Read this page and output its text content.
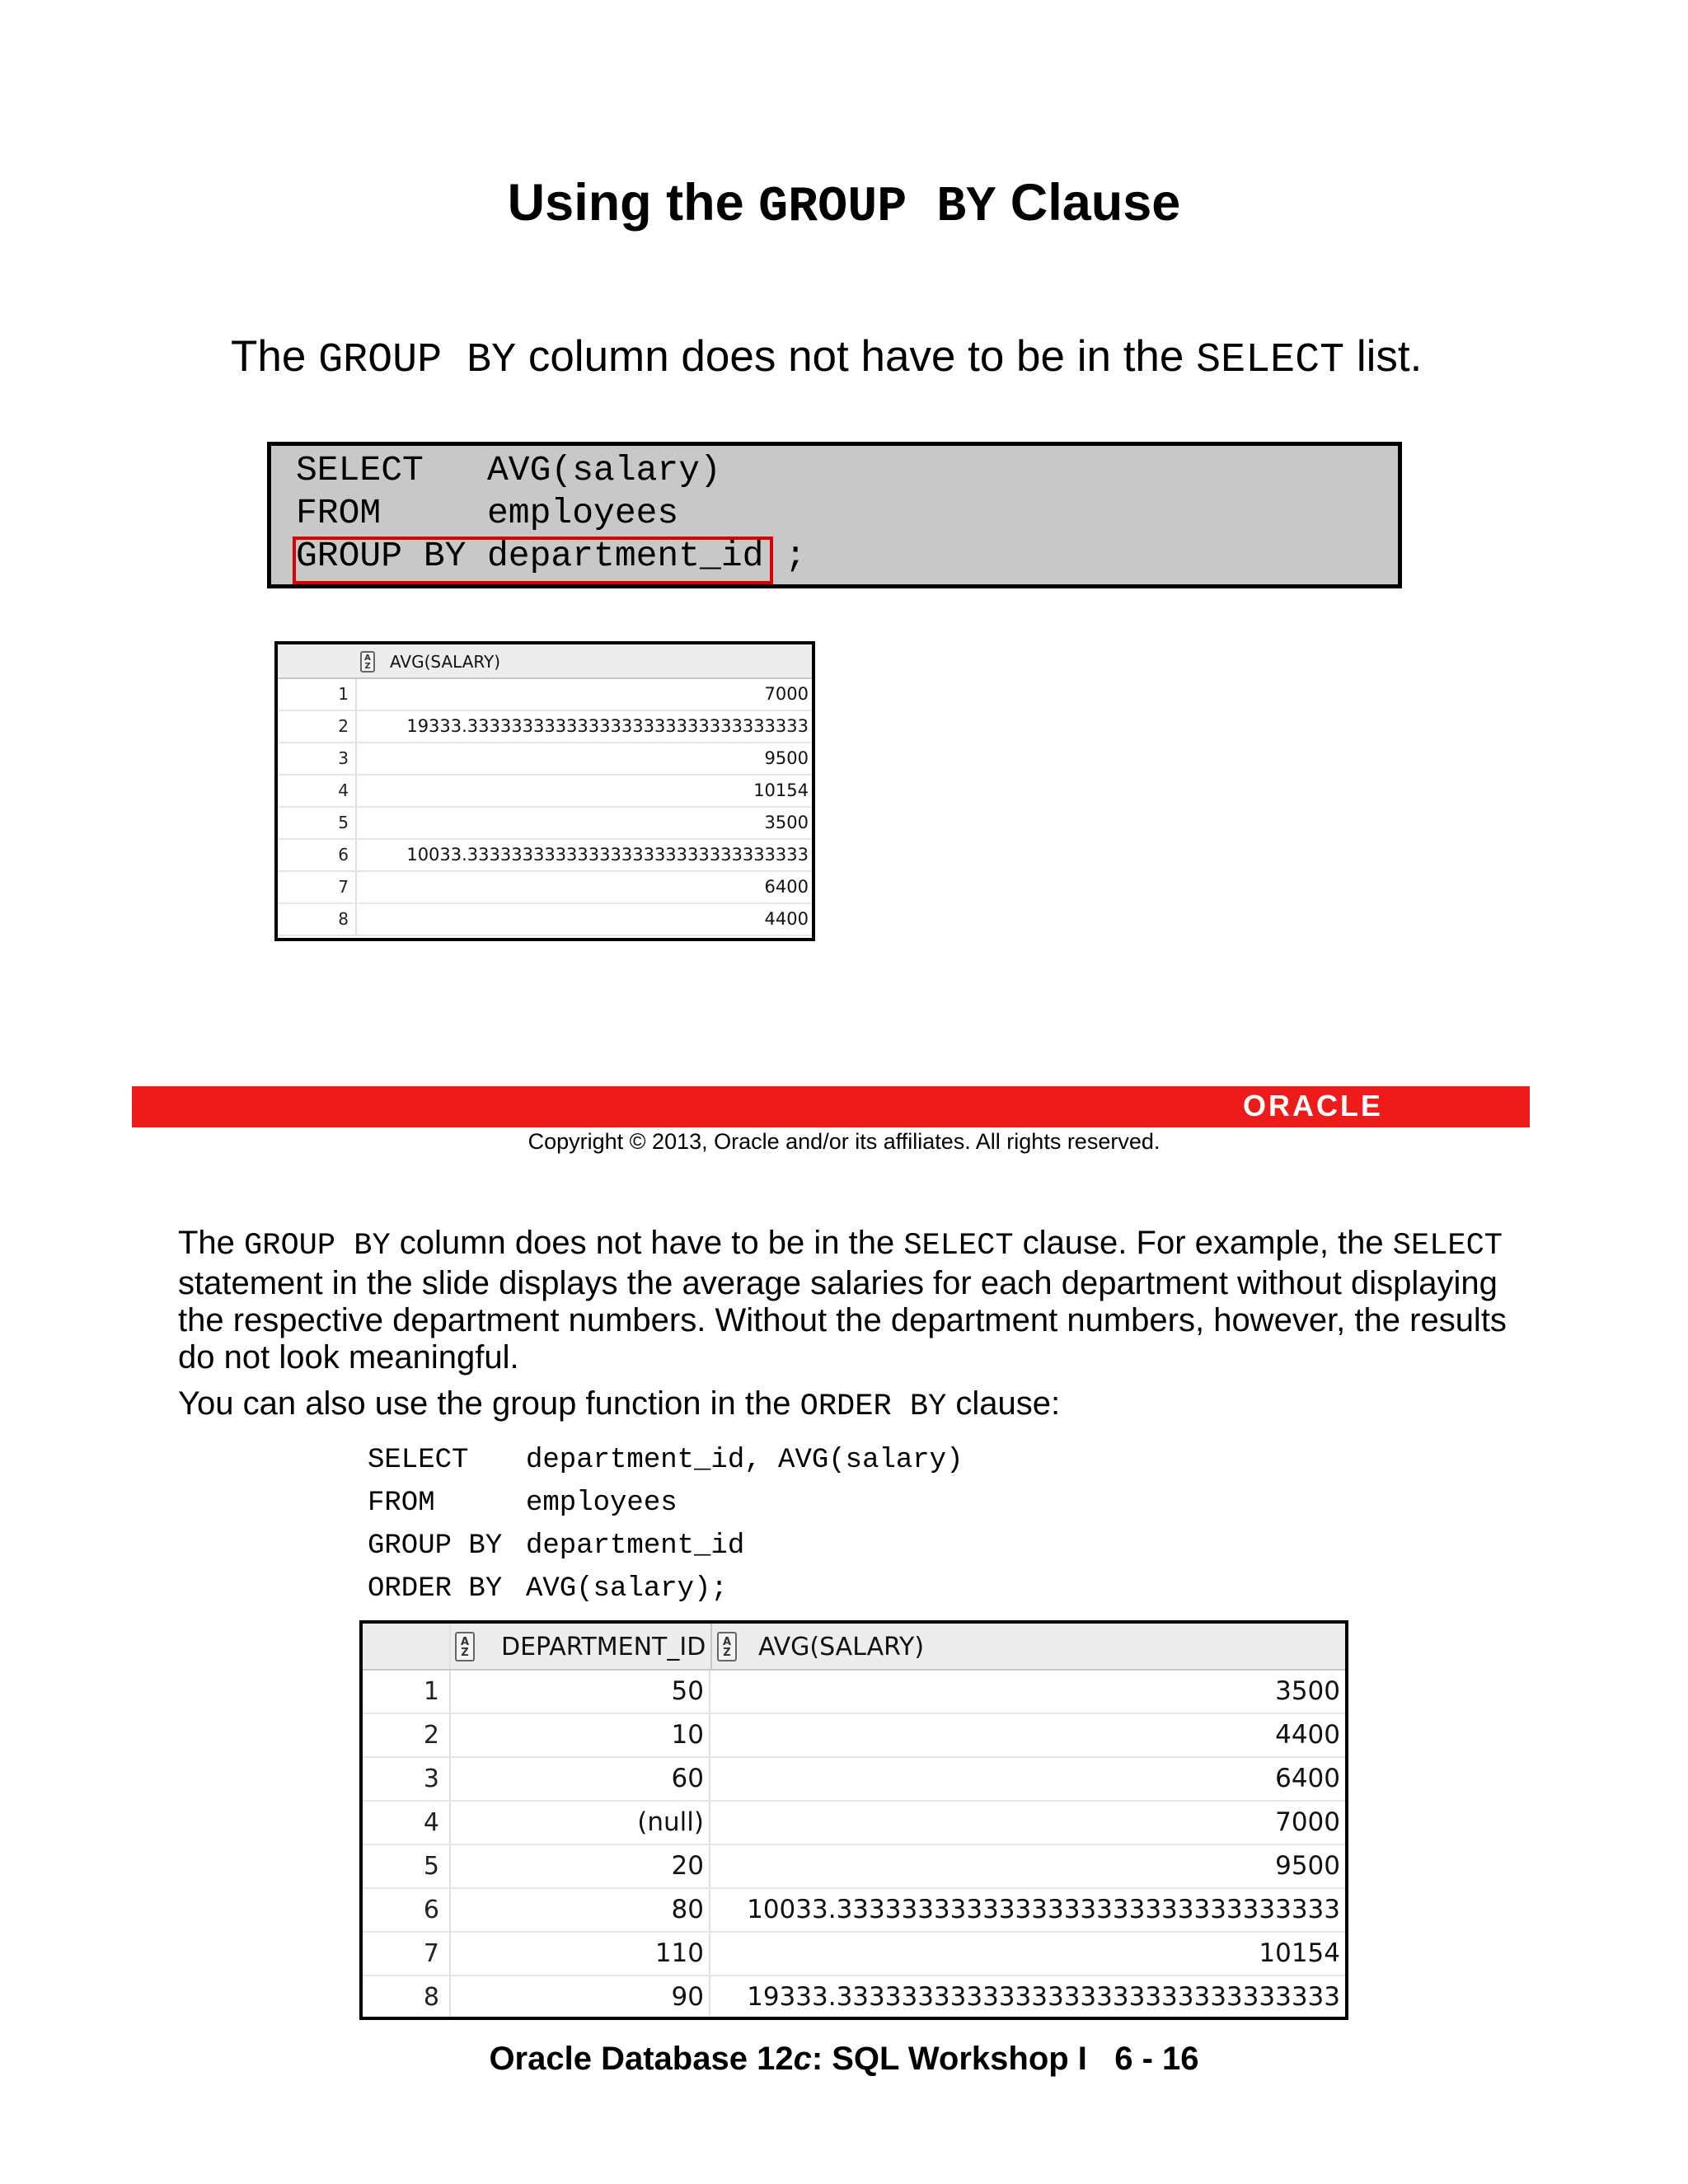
Using the GROUP BY Clause
The GROUP BY column does not have to be in the SELECT list.
SELECT AVG(salary)
FROM	employees
GROUP BY department_id ;
A
Z AVG(SALARY)
1	7000
2	19333.3333333333333333333333333333333
3	9500
4	10154
5	3500
6	10033.3333333333333333333333333333333
7	6400
8	4400
ORACLE
Copyright © 2013, Oracle and/or its affiliates. All rights reserved.
The GROUP BY column does not have to be in the SELECT clause. For example, the SELECT statement in the slide displays the average salaries for each department without displaying the respective department numbers. Without the department numbers, however, the results do not look meaningful.
You can also use the group function in the ORDER BY clause:
SELECT department_id, AVG(salary)
FROM	employees
GROUP BY department_id
ORDER BY AVG(salary);
A
Z DEPARTMENT_ID	A
Z AVG(SALARY)
1	50	3500
2	10	4400
3	60	6400
4	(null)	7000
5	20	9500
6	80	10033.3333333333333333333333333333333
7	110	10154
8	90	19333.3333333333333333333333333333333
Oracle Database 12c: SQL Workshop I   6 - 16
